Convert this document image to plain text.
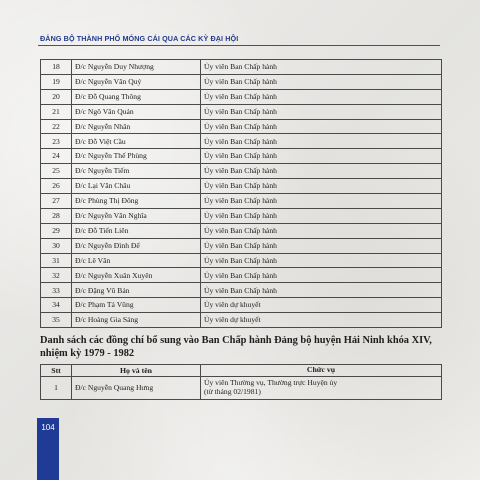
ĐẢNG BỘ THÀNH PHỐ MÓNG CÁI QUA CÁC KỲ ĐẠI HỘI
18	Đ/c Nguyễn Duy Nhượng	Ủy viên Ban Chấp hành
19	Đ/c Nguyễn Văn Quý	Ủy viên Ban Chấp hành
20	Đ/c Đỗ Quang Thông	Ủy viên Ban Chấp hành
21	Đ/c Ngô Văn Quản	Ủy viên Ban Chấp hành
22	Đ/c Nguyễn Nhân	Ủy viên Ban Chấp hành
23	Đ/c Đỗ Việt Cầu	Ủy viên Ban Chấp hành
24	Đ/c Nguyễn Thế Phùng	Ủy viên Ban Chấp hành
25	Đ/c Nguyễn Tiếm	Ủy viên Ban Chấp hành
26	Đ/c Lại Văn Châu	Ủy viên Ban Chấp hành
27	Đ/c Phùng Thị Đông	Ủy viên Ban Chấp hành
28	Đ/c Nguyễn Văn Nghĩa	Ủy viên Ban Chấp hành
29	Đ/c Đỗ Tiến Liên	Ủy viên Ban Chấp hành
30	Đ/c Nguyễn Đình Để	Ủy viên Ban Chấp hành
31	Đ/c Lê Văn	Ủy viên Ban Chấp hành
32	Đ/c Nguyễn Xuân Xuyên	Ủy viên Ban Chấp hành
33	Đ/c Đặng Vũ Bản	Ủy viên Ban Chấp hành
34	Đ/c Phạm Tá Vũng	Ủy viên dự khuyết
35	Đ/c Hoàng Gia Sáng	Ủy viên dự khuyết
Danh sách các đồng chí bổ sung vào Ban Chấp hành Đảng bộ huyện Hải Ninh khóa XIV, nhiệm kỳ 1979 - 1982
Stt	Họ và tên	Chức vụ
1	Đ/c Nguyễn Quang Hưng	Ủy viên Thường vụ, Thường trực Huyện ủy
(từ tháng 02/1981)
104
